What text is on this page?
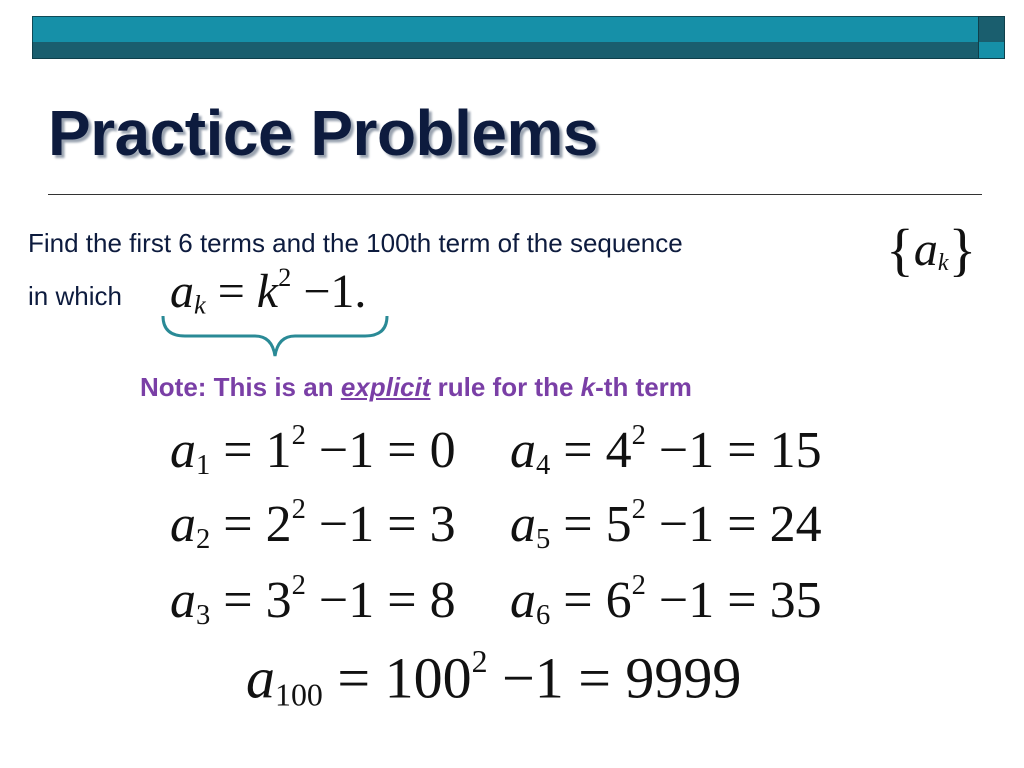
Practice Problems
Find the first 6 terms and the 100th term of the sequence	$\{a_k\}$
in which $a_k = k^2 -1$.
Note: This is an explicit rule for the k-th term
$a_1 = 1^2 -1 = 0$
$a_2 = 2^2 -1 = 3$
$a_3 = 3^2 -1 = 8$
$a_4 = 4^2 -1 = 15$
$a_5 = 5^2 -1 = 24$
$a_6 = 6^2 -1 = 35$
$a_{100} = 100^2 -1 = 9999$
